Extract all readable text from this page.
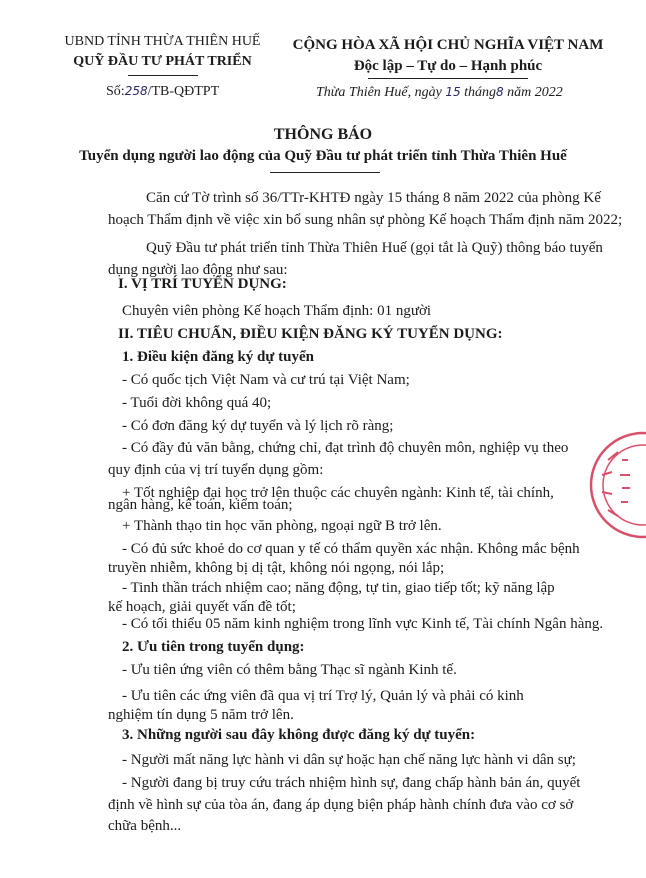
UBND TỈNH THỪA THIÊN HUẾ
QUỸ ĐẦU TƯ PHÁT TRIỂN
Số:258/TB-QĐTPT
CỘNG HÒA XÃ HỘI CHỦ NGHĨA VIỆT NAM
Độc lập – Tự do – Hạnh phúc
Thừa Thiên Huế, ngày 15 tháng8 năm 2022
THÔNG BÁO
Tuyển dụng người lao động của Quỹ Đầu tư phát triển tỉnh Thừa Thiên Huế
Căn cứ Tờ trình số 36/TTr-KHTĐ ngày 15 tháng 8 năm 2022 của phòng Kế
hoạch Thẩm định về việc xin bổ sung nhân sự phòng Kế hoạch Thẩm định năm 2022;
Quỹ Đầu tư phát triển tỉnh Thừa Thiên Huế (gọi tắt là Quỹ) thông báo tuyển
dụng người lao động như sau:
I. VỊ TRÍ TUYỂN DỤNG:
Chuyên viên phòng Kế hoạch Thẩm định: 01 người
II. TIÊU CHUẨN, ĐIỀU KIỆN ĐĂNG KÝ TUYỂN DỤNG:
1. Điều kiện đăng ký dự tuyển
- Có quốc tịch Việt Nam và cư trú tại Việt Nam;
- Tuổi đời không quá 40;
- Có đơn đăng ký dự tuyển và lý lịch rõ ràng;
- Có đầy đủ văn bằng, chứng chỉ, đạt trình độ chuyên môn, nghiệp vụ theo
quy định của vị trí tuyển dụng gồm:
+ Tốt nghiệp đại học trở lên thuộc các chuyên ngành: Kinh tế, tài chính,
ngân hàng, kế toán, kiểm toán;
+ Thành thạo tin học văn phòng, ngoại ngữ B trở lên.
- Có đủ sức khoẻ do cơ quan y tế có thẩm quyền xác nhận. Không mắc bệnh
truyền nhiễm, không bị dị tật, không nói ngọng, nói lắp;
- Tinh thần trách nhiệm cao; năng động, tự tin, giao tiếp tốt; kỹ năng lập
kế hoạch, giải quyết vấn đề tốt;
- Có tối thiểu 05 năm kinh nghiệm trong lĩnh vực Kinh tế, Tài chính Ngân hàng.
2. Ưu tiên trong tuyển dụng:
- Ưu tiên ứng viên có thêm bằng Thạc sĩ ngành Kinh tế.
- Ưu tiên các ứng viên đã qua vị trí Trợ lý, Quản lý và phải có kinh
nghiệm tín dụng 5 năm trở lên.
3. Những người sau đây không được đăng ký dự tuyển:
- Người mất năng lực hành vi dân sự hoặc hạn chế năng lực hành vi dân sự;
- Người đang bị truy cứu trách nhiệm hình sự, đang chấp hành bản án, quyết
định về hình sự của tòa án, đang áp dụng biện pháp hành chính đưa vào cơ sở
chữa bệnh...
